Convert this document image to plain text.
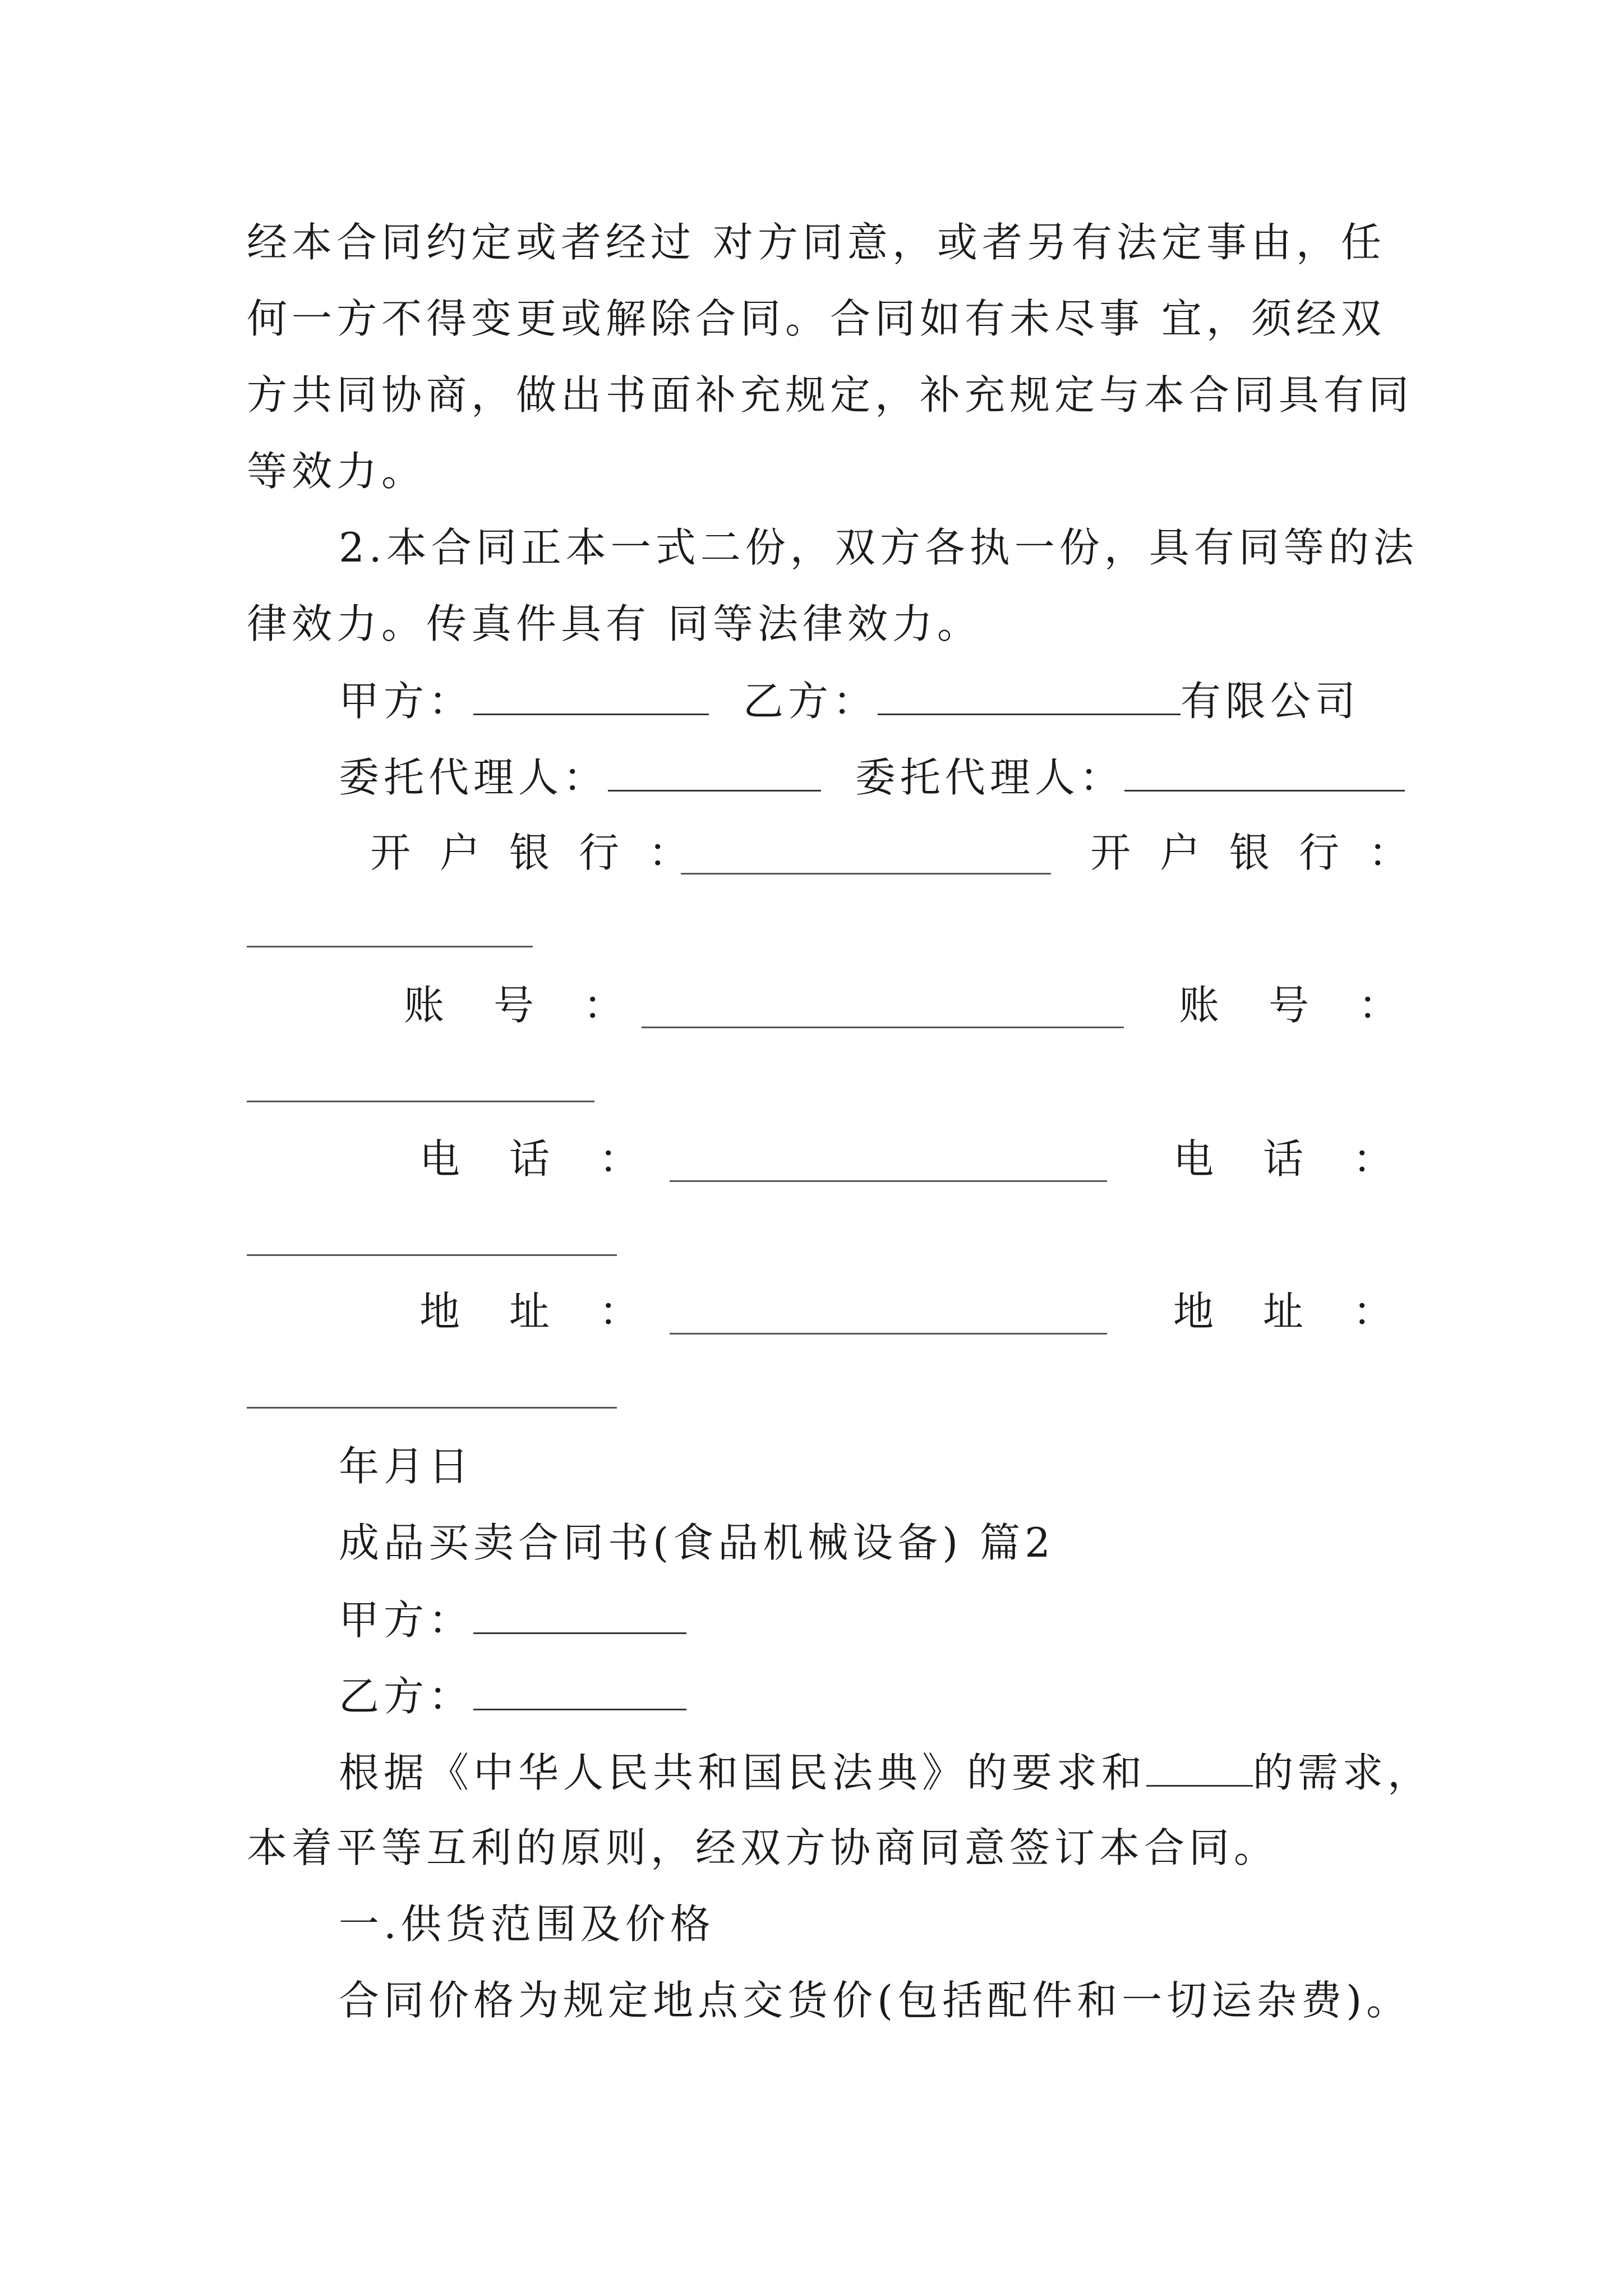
经本合同约定或者经过 对方同意，或者另有法定事由，任
何一方不得变更或解除合同。合同如有未尽事 宜，须经双
方共同协商，做出书面补充规定，补充规定与本合同具有同
等效力。
2.本合同正本一式二份，双方各执一份，具有同等的法
律效力。传真件具有 同等法律效力。
甲方：	乙方：	有限公司
委托代理人：	委托代理人：
开户银行：	开户银行：
账号：	账号：
电话：	电话：
地址：	地址：
年月日
成品买卖合同书(食品机械设备) 篇2
甲方：
乙方：
根据《中华人民共和国民法典》的要求和	的需求，
本着平等互利的原则，经双方协商同意签订本合同。
一.供货范围及价格
合同价格为规定地点交货价(包括配件和一切运杂费)。
